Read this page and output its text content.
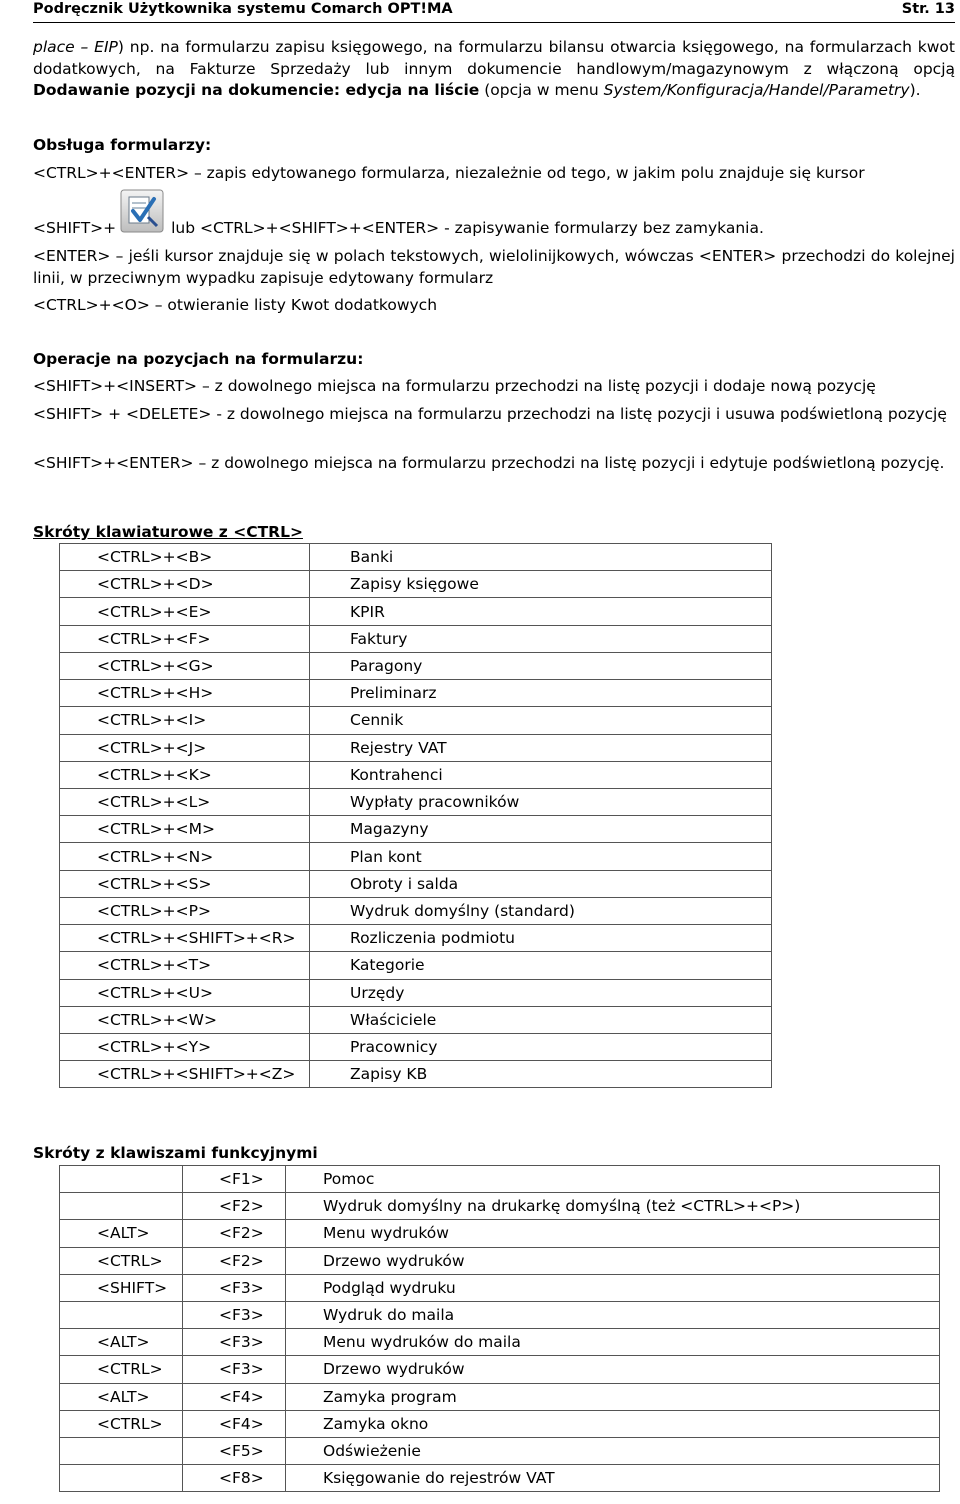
Podręcznik Użytkownika systemu Comarch OPT!MA	Str. 13
place – EIP) np. na formularzu zapisu księgowego, na formularzu bilansu otwarcia księgowego, na formularzach kwot dodatkowych, na Fakturze Sprzedaży lub innym dokumencie handlowym/magazynowym z włączoną opcją Dodawanie pozycji na dokumencie: edycja na liście (opcja w menu System/Konfiguracja/Handel/Parametry).
Obsługa formularzy:
<CTRL>+<ENTER> – zapis edytowanego formularza, niezależnie od tego, w jakim polu znajduje się kursor
<SHIFT>+	lub <CTRL>+<SHIFT>+<ENTER> - zapisywanie formularzy bez zamykania.
<ENTER> – jeśli kursor znajduje się w polach tekstowych, wielolinijkowych, wówczas <ENTER> przechodzi do kolejnej linii, w przeciwnym wypadku zapisuje edytowany formularz
<CTRL>+<O> – otwieranie listy Kwot dodatkowych
Operacje na pozycjach na formularzu:
<SHIFT>+<INSERT> – z dowolnego miejsca na formularzu przechodzi na listę pozycji i dodaje nową pozycję
<SHIFT> + <DELETE> - z dowolnego miejsca na formularzu przechodzi na listę pozycji i usuwa podświetloną pozycję
<SHIFT>+<ENTER> – z dowolnego miejsca na formularzu przechodzi na listę pozycji i edytuje podświetloną pozycję.
Skróty klawiaturowe z <CTRL>
<CTRL>+<B>	Banki
<CTRL>+<D>	Zapisy księgowe
<CTRL>+<E>	KPIR
<CTRL>+<F>	Faktury
<CTRL>+<G>	Paragony
<CTRL>+<H>	Preliminarz
<CTRL>+<I>	Cennik
<CTRL>+<J>	Rejestry VAT
<CTRL>+<K>	Kontrahenci
<CTRL>+<L>	Wypłaty pracowników
<CTRL>+<M>	Magazyny
<CTRL>+<N>	Plan kont
<CTRL>+<S>	Obroty i salda
<CTRL>+<P>	Wydruk domyślny (standard)
<CTRL>+<SHIFT>+<R>	Rozliczenia podmiotu
<CTRL>+<T>	Kategorie
<CTRL>+<U>	Urzędy
<CTRL>+<W>	Właściciele
<CTRL>+<Y>	Pracownicy
<CTRL>+<SHIFT>+<Z>	Zapisy KB
Skróty z klawiszami funkcyjnymi
	<F1>	Pomoc
	<F2>	Wydruk domyślny na drukarkę domyślną (też <CTRL>+<P>)
<ALT>	<F2>	Menu wydruków
<CTRL>	<F2>	Drzewo wydruków
<SHIFT>	<F3>	Podgląd wydruku
	<F3>	Wydruk do maila
<ALT>	<F3>	Menu wydruków do maila
<CTRL>	<F3>	Drzewo wydruków
<ALT>	<F4>	Zamyka program
<CTRL>	<F4>	Zamyka okno
	<F5>	Odświeżenie
	<F8>	Księgowanie do rejestrów VAT
